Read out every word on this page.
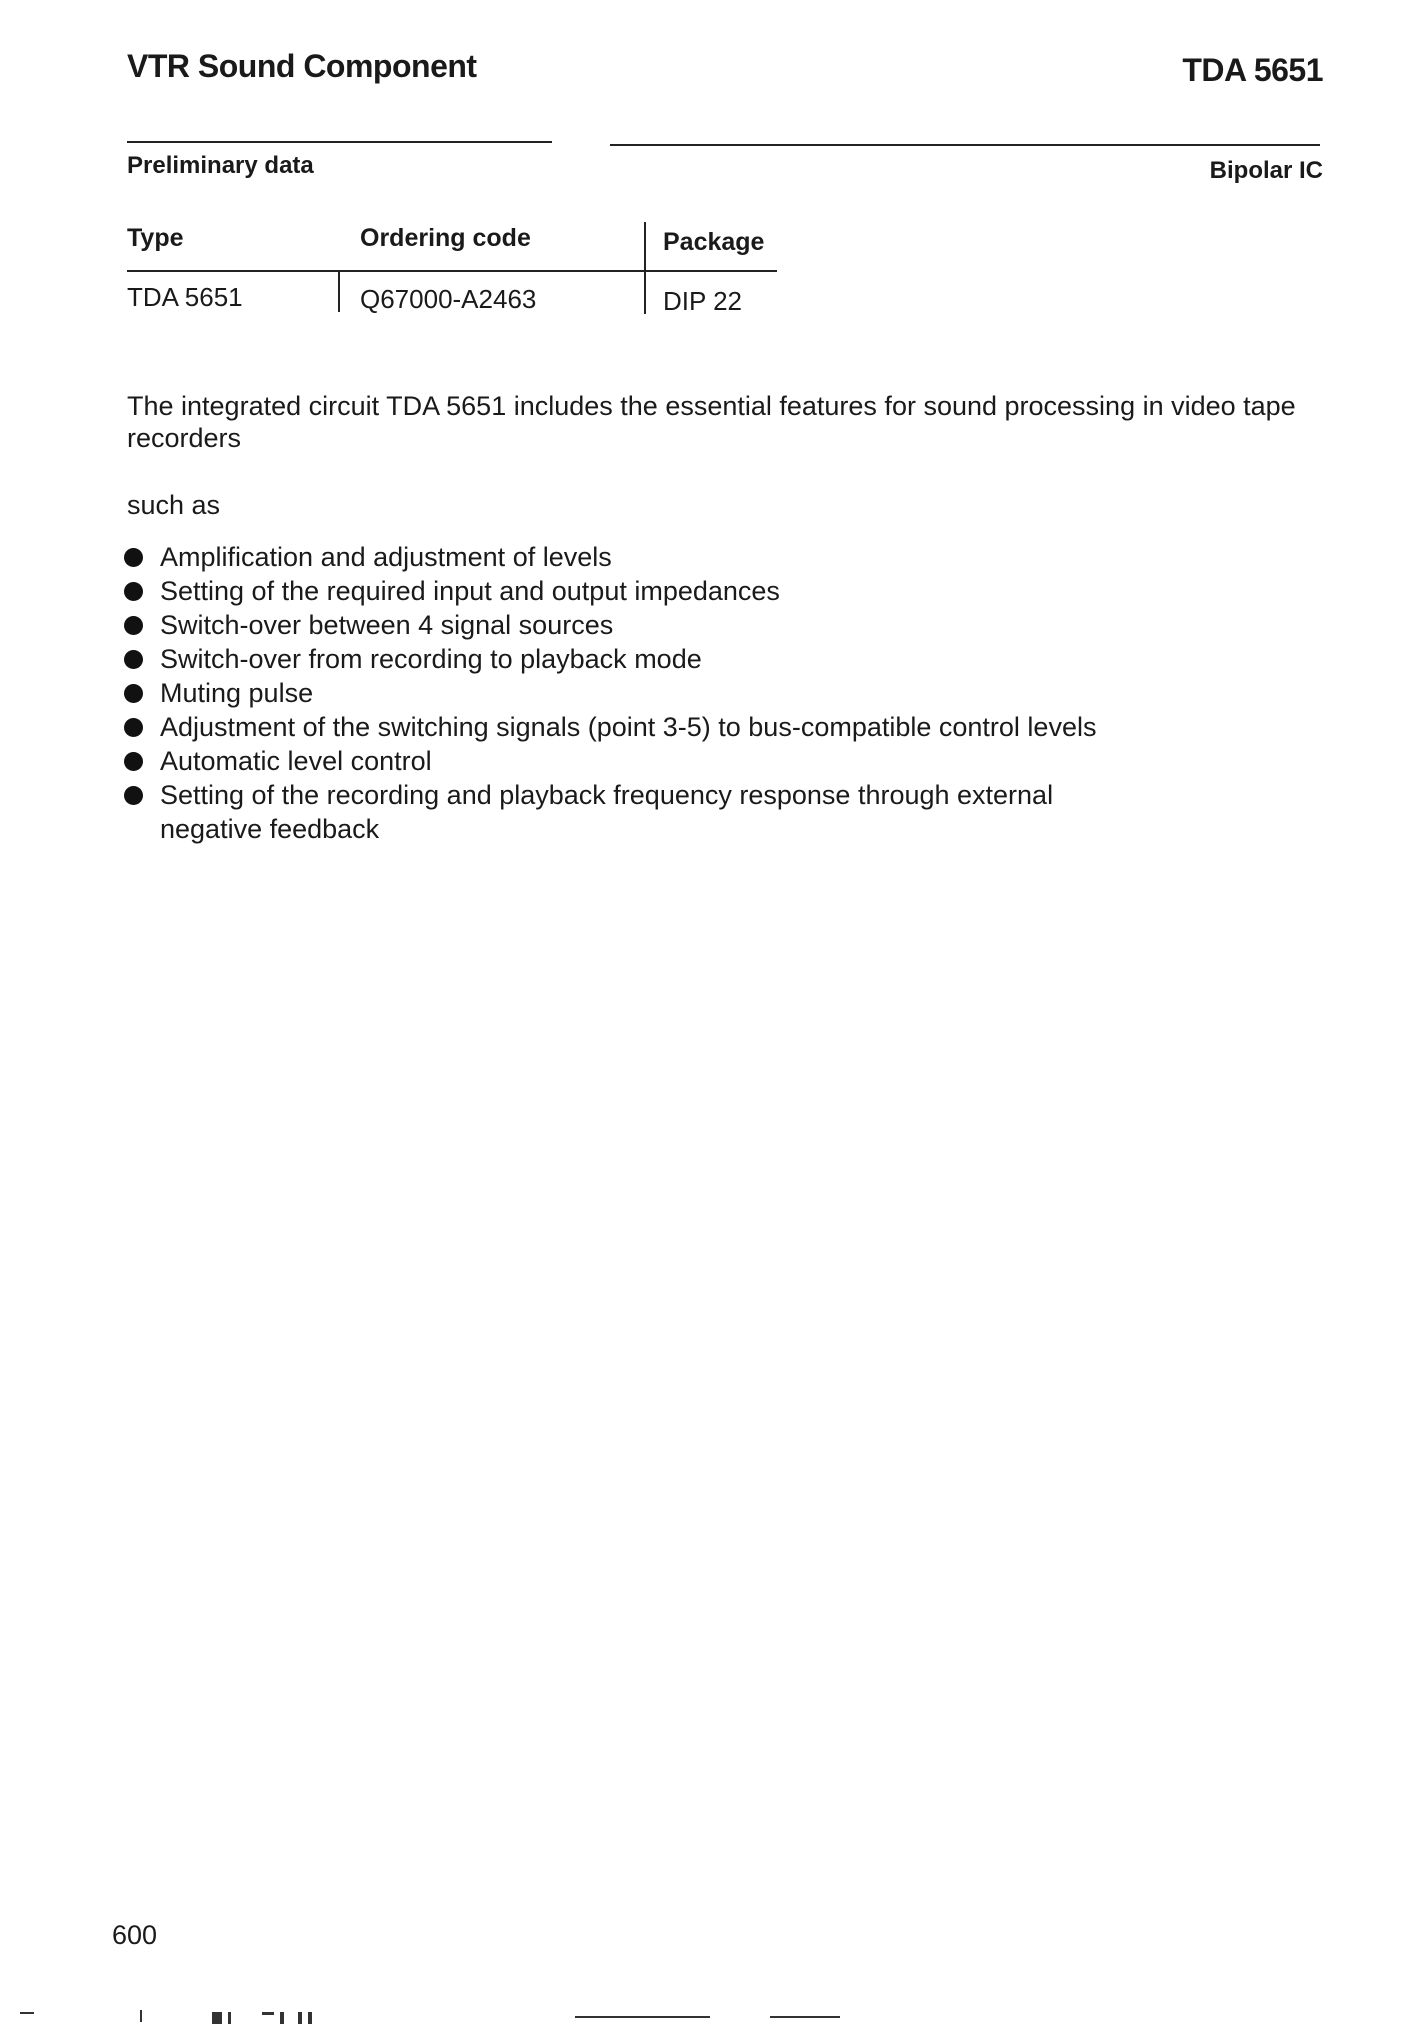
VTR Sound Component	TDA 5651
Preliminary data	Bipolar IC
Type	Ordering code	Package
TDA 5651	Q67000-A2463	DIP 22
The integrated circuit TDA 5651 includes the essential features for sound processing in video tape recorders
such as
Amplification and adjustment of levels
Setting of the required input and output impedances
Switch-over between 4 signal sources
Switch-over from recording to playback mode
Muting pulse
Adjustment of the switching signals (point 3-5) to bus-compatible control levels
Automatic level control
Setting of the recording and playback frequency response through external negative feedback
600
